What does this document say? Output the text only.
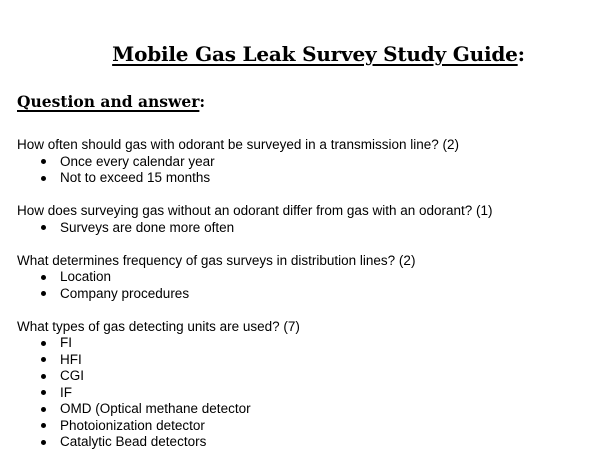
Mobile Gas Leak Survey Study Guide:
Question and answer:

How often should gas with odorant be surveyed in a transmission line? (2)

Once every calendar year
Not to exceed 15 months

How does surveying gas without an odorant differ from gas with an odorant? (1)

Surveys are done more often

What determines frequency of gas surveys in distribution lines? (2)

Location
Company procedures

What types of gas detecting units are used? (7)

FI
HFI
CGI
IF
OMD (Optical methane detector
Photoionization detector
Catalytic Bead detectors
